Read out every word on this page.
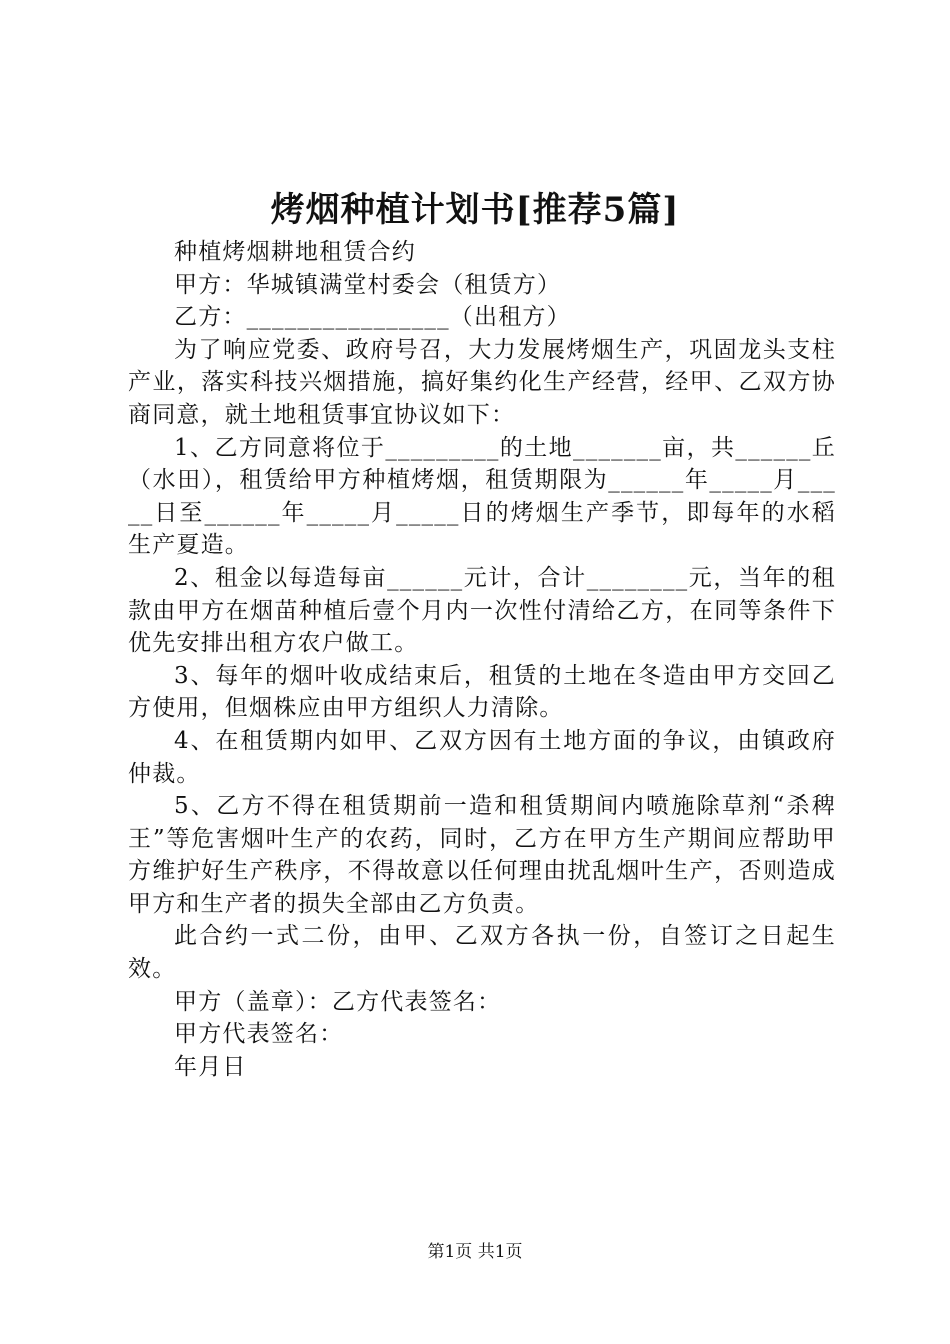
烤烟种植计划书[推荐5篇]

种植烤烟耕地租赁合约

甲方：华城镇满堂村委会（租赁方）

乙方：________________（出租方）

为了响应党委、政府号召，大力发展烤烟生产，巩固龙头支柱产业，落实科技兴烟措施，搞好集约化生产经营，经甲、乙双方协商同意，就土地租赁事宜协议如下：

1、乙方同意将位于_________的土地_______亩，共______丘（水田），租赁给甲方种植烤烟，租赁期限为______年_____月_____日至______年_____月_____日的烤烟生产季节，即每年的水稻生产夏造。

2、租金以每造每亩______元计，合计________元，当年的租款由甲方在烟苗种植后壹个月内一次性付清给乙方，在同等条件下优先安排出租方农户做工。

3、每年的烟叶收成结束后，租赁的土地在冬造由甲方交回乙方使用，但烟株应由甲方组织人力清除。

4、在租赁期内如甲、乙双方因有土地方面的争议，由镇政府仲裁。

5、乙方不得在租赁期前一造和租赁期间内喷施除草剂“杀稗王”等危害烟叶生产的农药，同时，乙方在甲方生产期间应帮助甲方维护好生产秩序，不得故意以任何理由扰乱烟叶生产，否则造成甲方和生产者的损失全部由乙方负责。

此合约一式二份，由甲、乙双方各执一份，自签订之日起生效。

甲方（盖章）：乙方代表签名：

甲方代表签名：

年月日

第1页 共1页
